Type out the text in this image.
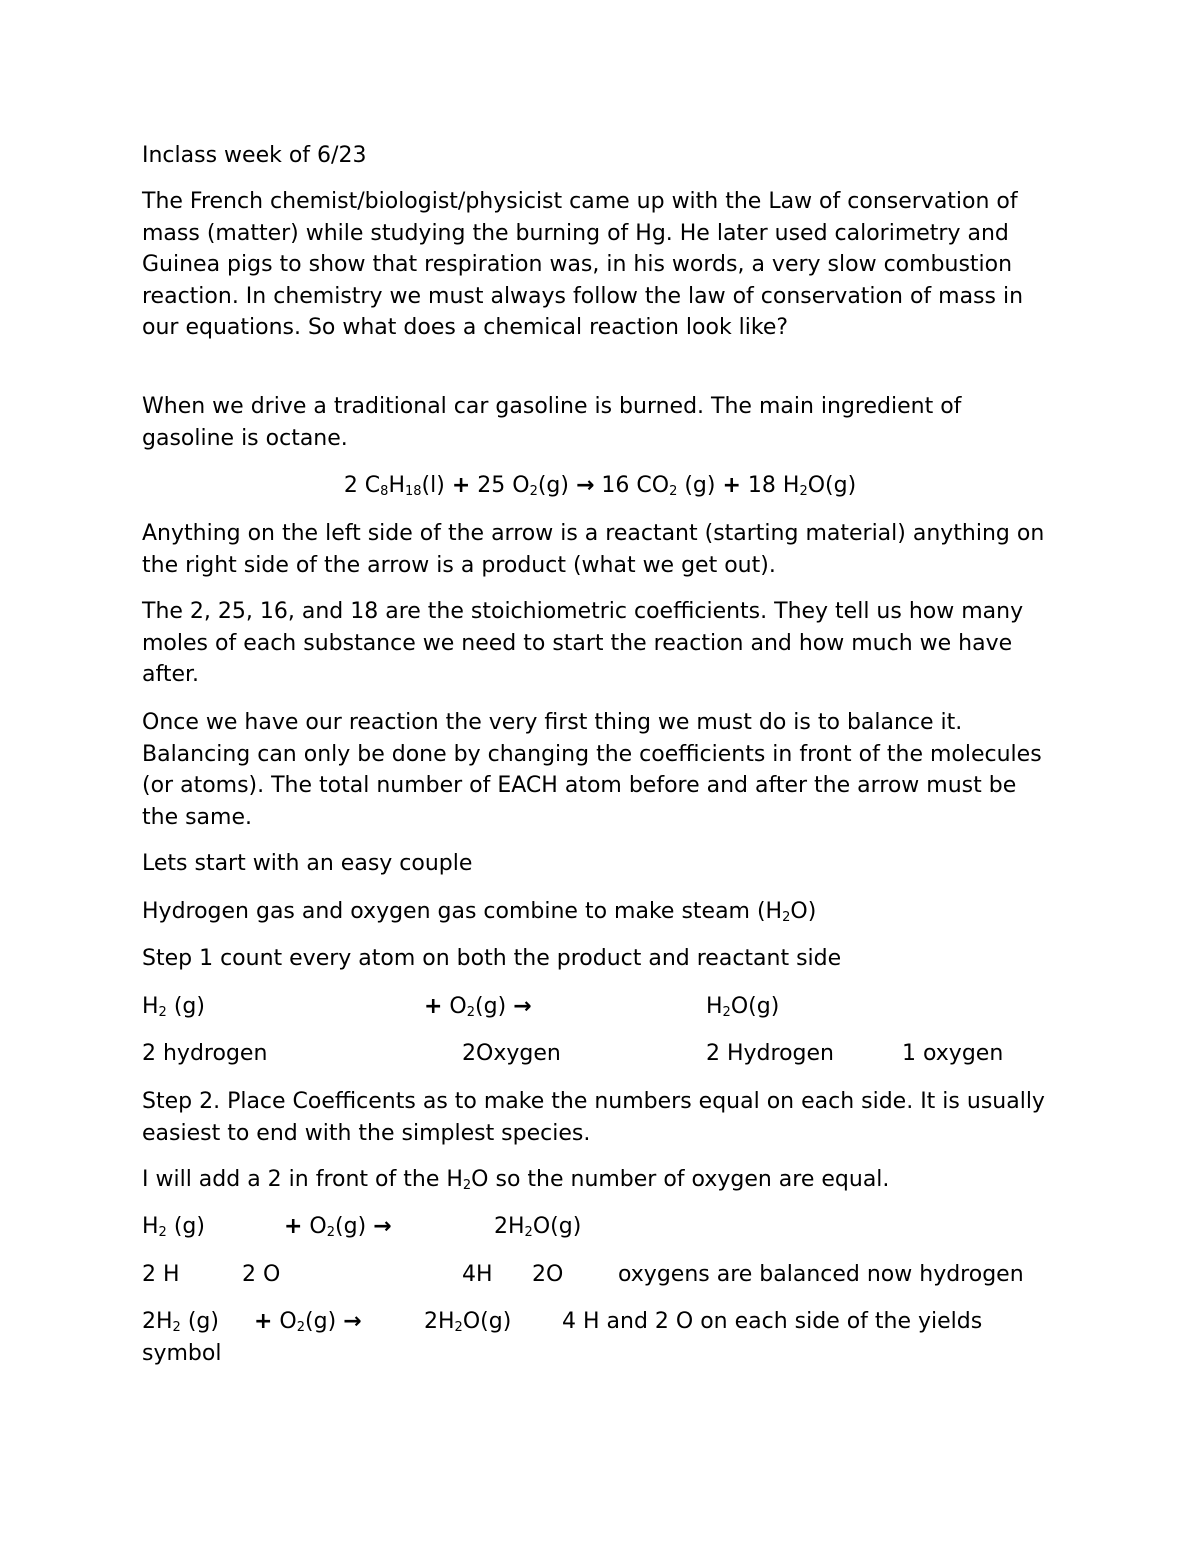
Inclass week of 6/23

The French chemist/biologist/physicist came up with the Law of conservation of mass (matter) while studying the burning of Hg. He later used calorimetry and Guinea pigs to show that respiration was, in his words, a very slow combustion reaction. In chemistry we must always follow the law of conservation of mass in our equations. So what does a chemical reaction look like?

When we drive a traditional car gasoline is burned. The main ingredient of gasoline is octane.

2 $C_8H_{18}(l) + 25$ $O_2(g) \to 16$ $CO_2$ (g) + 18 $H_2O(g)$

Anything on the left side of the arrow is a reactant (starting material) anything on the right side of the arrow is a product (what we get out).

The 2, 25, 16, and 18 are the stoichiometric coefficients. They tell us how many moles of each substance we need to start the reaction and how much we have after.

Once we have our reaction the very first thing we must do is to balance it. Balancing can only be done by changing the coefficients in front of the molecules (or atoms). The total number of EACH atom before and after the arrow must be the same.

Lets start with an easy couple
Hydrogen gas and oxygen gas combine to make steam $(H_2O)$
Step 1 count every atom on both the product and reactant side
$H_2$ (g)	+ $O_2(g)$ →	$H_2O(g)$
2 hydrogen	2Oxygen	2 Hydrogen	1 oxygen

Step 2. Place Coefficents as to make the numbers equal on each side. It is usually easiest to end with the simplest species.

I will add a 2 in front of the $H_2O$ so the number of oxygen are equal.
$H_2$ (g)	+ $O_2(g)$ →	$2H_2O(g)$
2 H	2 O	4H 2O oxygens are balanced now hydrogen
$2H_2$ $(g) + O_2(g)$ →	$2H_2O(g)$ 4 H and 2 O on each side of the yields
symbol
